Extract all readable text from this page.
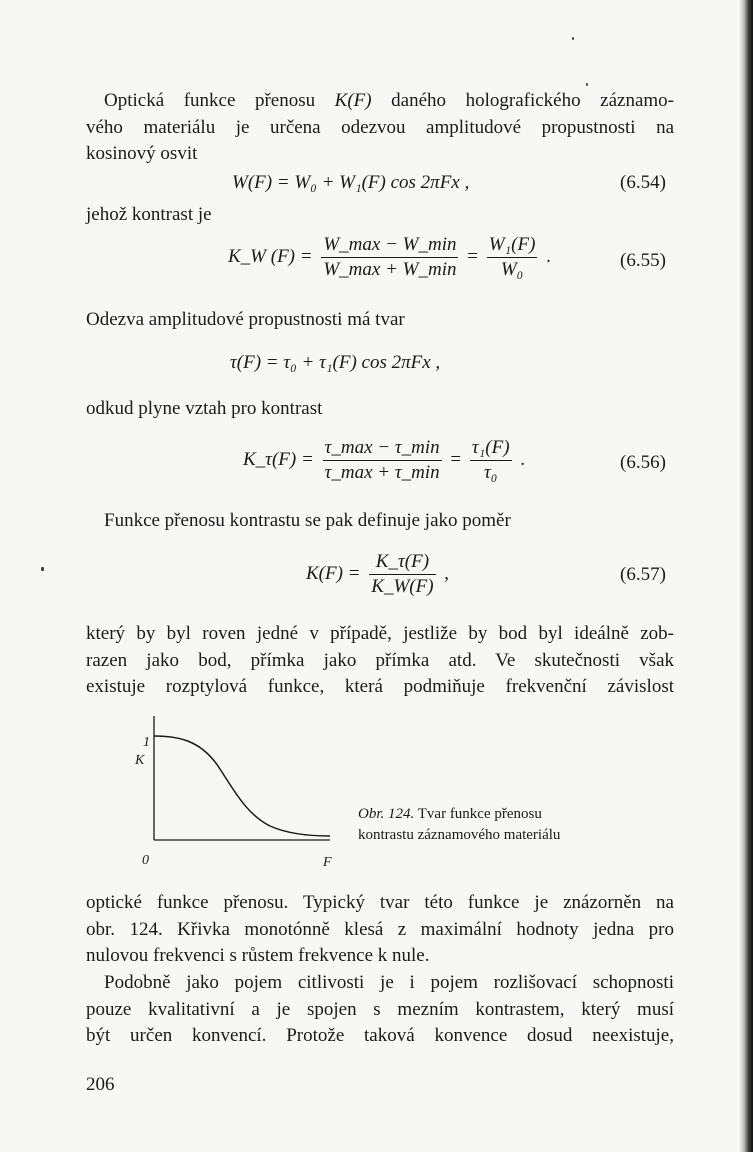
Optická funkce přenosu K(F) daného holografického záznamo-
vého materiálu je určena odezvou amplitudové propustnosti na
kosinový osvit
W(F) = W₀ + W₁(F) cos 2πFx ,	(6.54)
jehož kontrast je
K_W $(F) = \frac{W\_\max - W\_\min}{W\_\max + W\_\min} = \frac{\text{W₁(F)}}{\text{W₀}}$ .	(6.55)
Odezva amplitudové propustnosti má tvar
τ(F) = τ₀ + τ₁(F) cos 2πFx ,
odkud plyne vztah pro kontrast
K_τ(F) = $\frac{\tau\_\max - \tau\_\min}{\tau\_\max + \tau\_\min} = \frac{\text{τ₁(F)}}{\text{τ₀}}$ .	(6.56)
Funkce přenosu kontrastu se pak definuje jako poměr
$K(F) = \frac{K\_\tau(F)}{K\_W(F)}$ ,	(6.57)
který by byl roven jedné v případě, jestliže by bod byl ideálně zob-
razen jako bod, přímka jako přímka atd. Ve skutečnosti však
existuje rozptylová funkce, která podmiňuje frekvenční závislost
1
K
0	F
Obr. 124. Tvar funkce přenosu
kontrastu záznamového materiálu
optické funkce přenosu. Typický tvar této funkce je znázorněn na
obr. 124. Křivka monotónně klesá z maximální hodnoty jedna pro
nulovou frekvenci s růstem frekvence k nule.
Podobně jako pojem citlivosti je i pojem rozlišovací schopnosti
pouze kvalitativní a je spojen s mezním kontrastem, který musí
být určen konvencí. Protože taková konvence dosud neexistuje,
206
